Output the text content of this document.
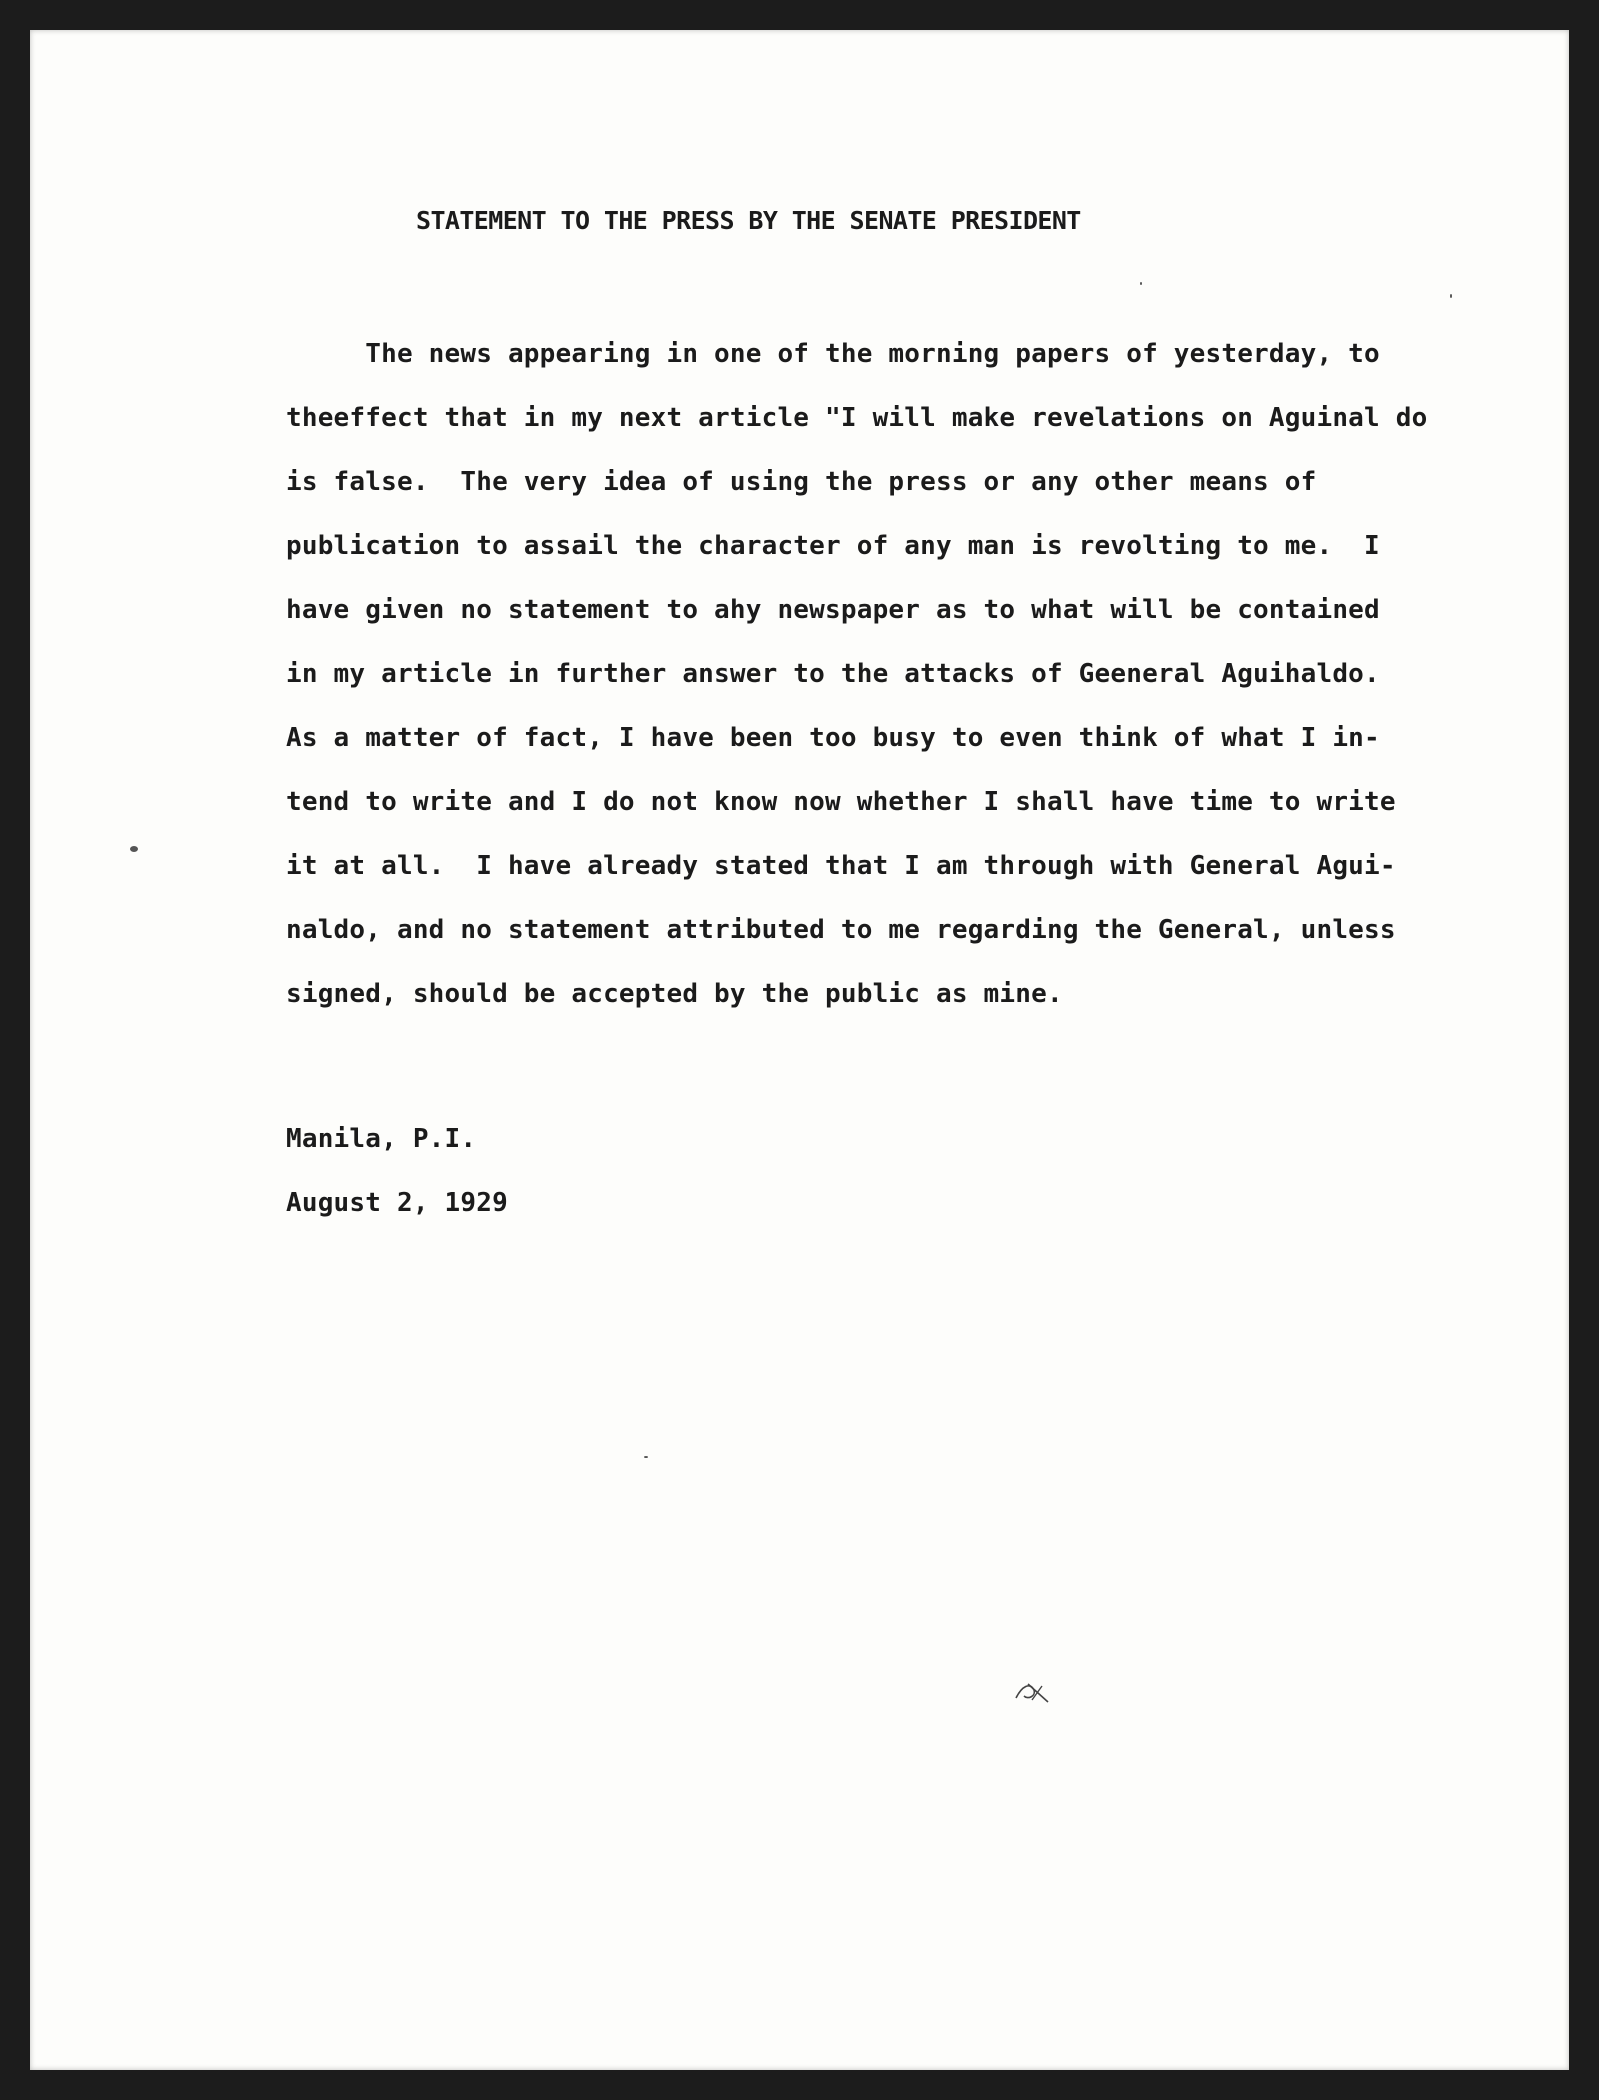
STATEMENT TO THE PRESS BY THE SENATE PRESIDENT
The news appearing in one of the morning papers of yesterday, to
theeffect that in my next article "I will make revelations on Aguinal do
is false.  The very idea of using the press or any other means of
publication to assail the character of any man is revolting to me.  I
have given no statement to ahy newspaper as to what will be contained
in my article in further answer to the attacks of Geeneral Aguihaldo.
As a matter of fact, I have been too busy to even think of what I in-
tend to write and I do not know now whether I shall have time to write
it at all.  I have already stated that I am through with General Agui-
naldo, and no statement attributed to me regarding the General, unless
signed, should be accepted by the public as mine.
Manila, P.I.
August 2, 1929
